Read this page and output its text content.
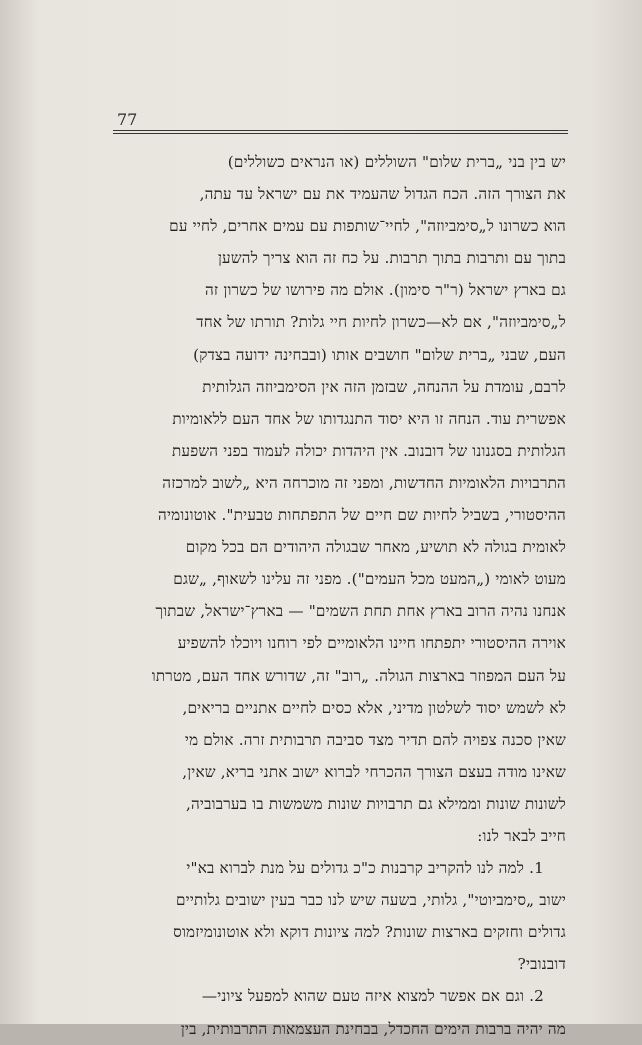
77
יש בין בני „ברית שלום" השוללים (או הנראים כשוללים)
את הצורך הזה. הכח הגדול שהעמיד את עם ישראל עד עתה,
הוא כשרונו ל„סימביוזה", לחיי־שותפות עם עמים אחרים, לחיי עם
בתוך עם ותרבות בתוך תרבות. על כח זה הוא צריך להשען
גם בארץ ישראל (ר"ר סימון). אולם מה פירושו של כשרון זה
ל„סימביוזה", אם לא—כשרון לחיות חיי גלות? תורתו של אחד
העם, שבני „ברית שלום" חושבים אותו (ובבחינה ידועה בצדק)
לרבם, עומדת על ההנחה, שבזמן הזה אין הסימביוזה הגלותית
אפשרית עוד. הנחה זו היא יסוד התנגדותו של אחד העם ללאומיות
הגלותית בסגנונו של דובנוב. אין היהדות יכולה לעמוד בפני השפעת
התרבויות הלאומיות החדשות, ומפני זה מוכרחה היא „לשוב למרכזה
ההיסטורי, בשביל לחיות שם חיים של התפתחות טבעית". אוטונומיה
לאומית בגולה לא תושיע, מאחר שבגולה היהודים הם בכל מקום
מעוט לאומי („המעט מכל העמים"). מפני זה עלינו לשאוף, „שגם
אנחנו נהיה הרוב בארץ אחת תחת השמים" — בארץ־ישראל, שבתוך
אוירה ההיסטורי יתפתחו חיינו הלאומיים לפי רוחנו ויוכלו להשפיע
על העם המפוזר בארצות הגולה. „רוב" זה, שדורש אחד העם, מטרתו
לא לשמש יסוד לשלטון מדיני, אלא כסים לחיים אתניים בריאים,
שאין סכנה צפויה להם תדיר מצד סביבה תרבותית זרה. אולם מי
שאינו מודה בעצם הצורך ההכרחי לברוא ישוב אתני בריא, שאין,
לשונות שונות וממילא גם תרבויות שונות משמשות בו בערבוביה,
חייב לבאר לנו:
1. למה לנו להקריב קרבנות כ"כ גדולים על מנת לברוא בא"י
ישוב „סימביוטי", גלותי, בשעה שיש לנו כבר בעין ישובים גלותיים
גדולים וחזקים בארצות שונות? למה ציונות דוקא ולא אוטונומיזמוס
דובנובי?
2. וגם אם אפשר למצוא איזה טעם שהוא למפעל ציוני—
מה יהיה ברבות הימים החכדל, בבחינת העצמאות התרבותית, בין
